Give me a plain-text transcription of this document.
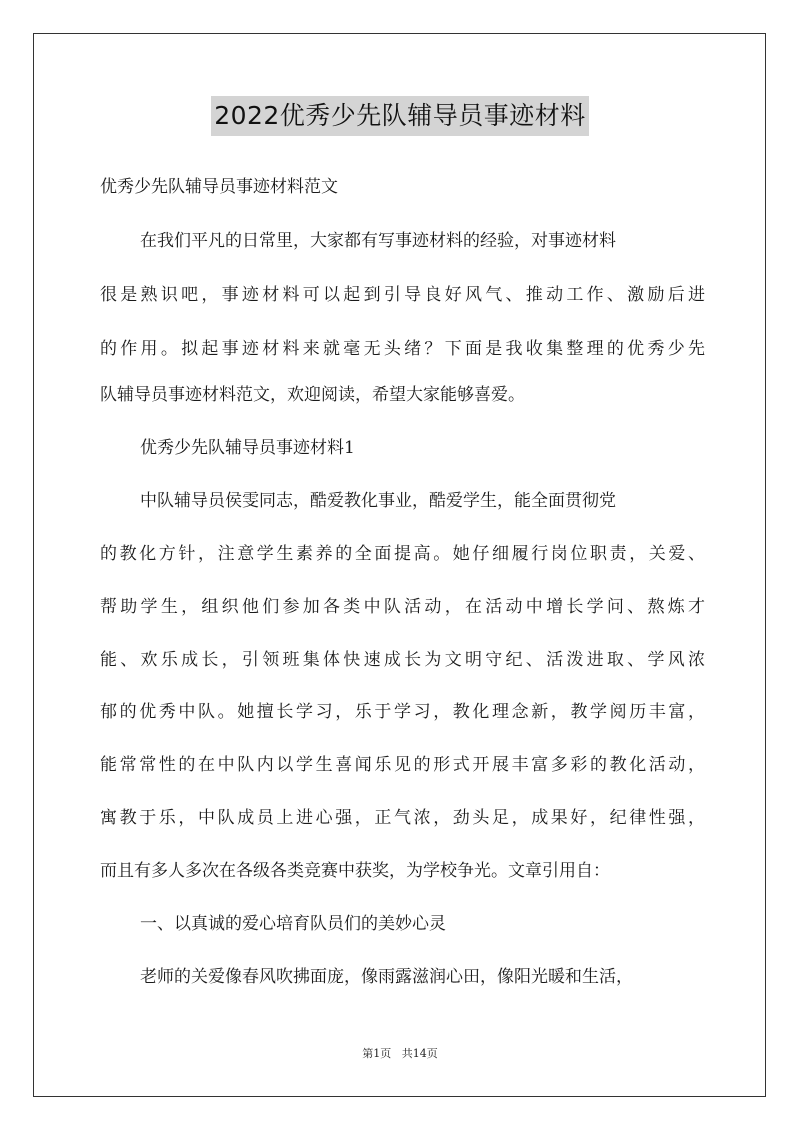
2022优秀少先队辅导员事迹材料
优秀少先队辅导员事迹材料范文
在我们平凡的日常里，大家都有写事迹材料的经验，对事迹材料
很是熟识吧，事迹材料可以起到引导良好风气、推动工作、激励后进
的作用。拟起事迹材料来就毫无头绪？下面是我收集整理的优秀少先
队辅导员事迹材料范文，欢迎阅读，希望大家能够喜爱。
优秀少先队辅导员事迹材料1
中队辅导员侯雯同志，酷爱教化事业，酷爱学生，能全面贯彻党
的教化方针，注意学生素养的全面提高。她仔细履行岗位职责，关爱、
帮助学生，组织他们参加各类中队活动，在活动中增长学问、熬炼才
能、欢乐成长，引领班集体快速成长为文明守纪、活泼进取、学风浓
郁的优秀中队。她擅长学习，乐于学习，教化理念新，教学阅历丰富，
能常常性的在中队内以学生喜闻乐见的形式开展丰富多彩的教化活动，
寓教于乐，中队成员上进心强，正气浓，劲头足，成果好，纪律性强，
而且有多人多次在各级各类竞赛中获奖，为学校争光。文章引用自：
一、以真诚的爱心培育队员们的美妙心灵
老师的关爱像春风吹拂面庞，像雨露滋润心田，像阳光暖和生活，
第1页   共14页
